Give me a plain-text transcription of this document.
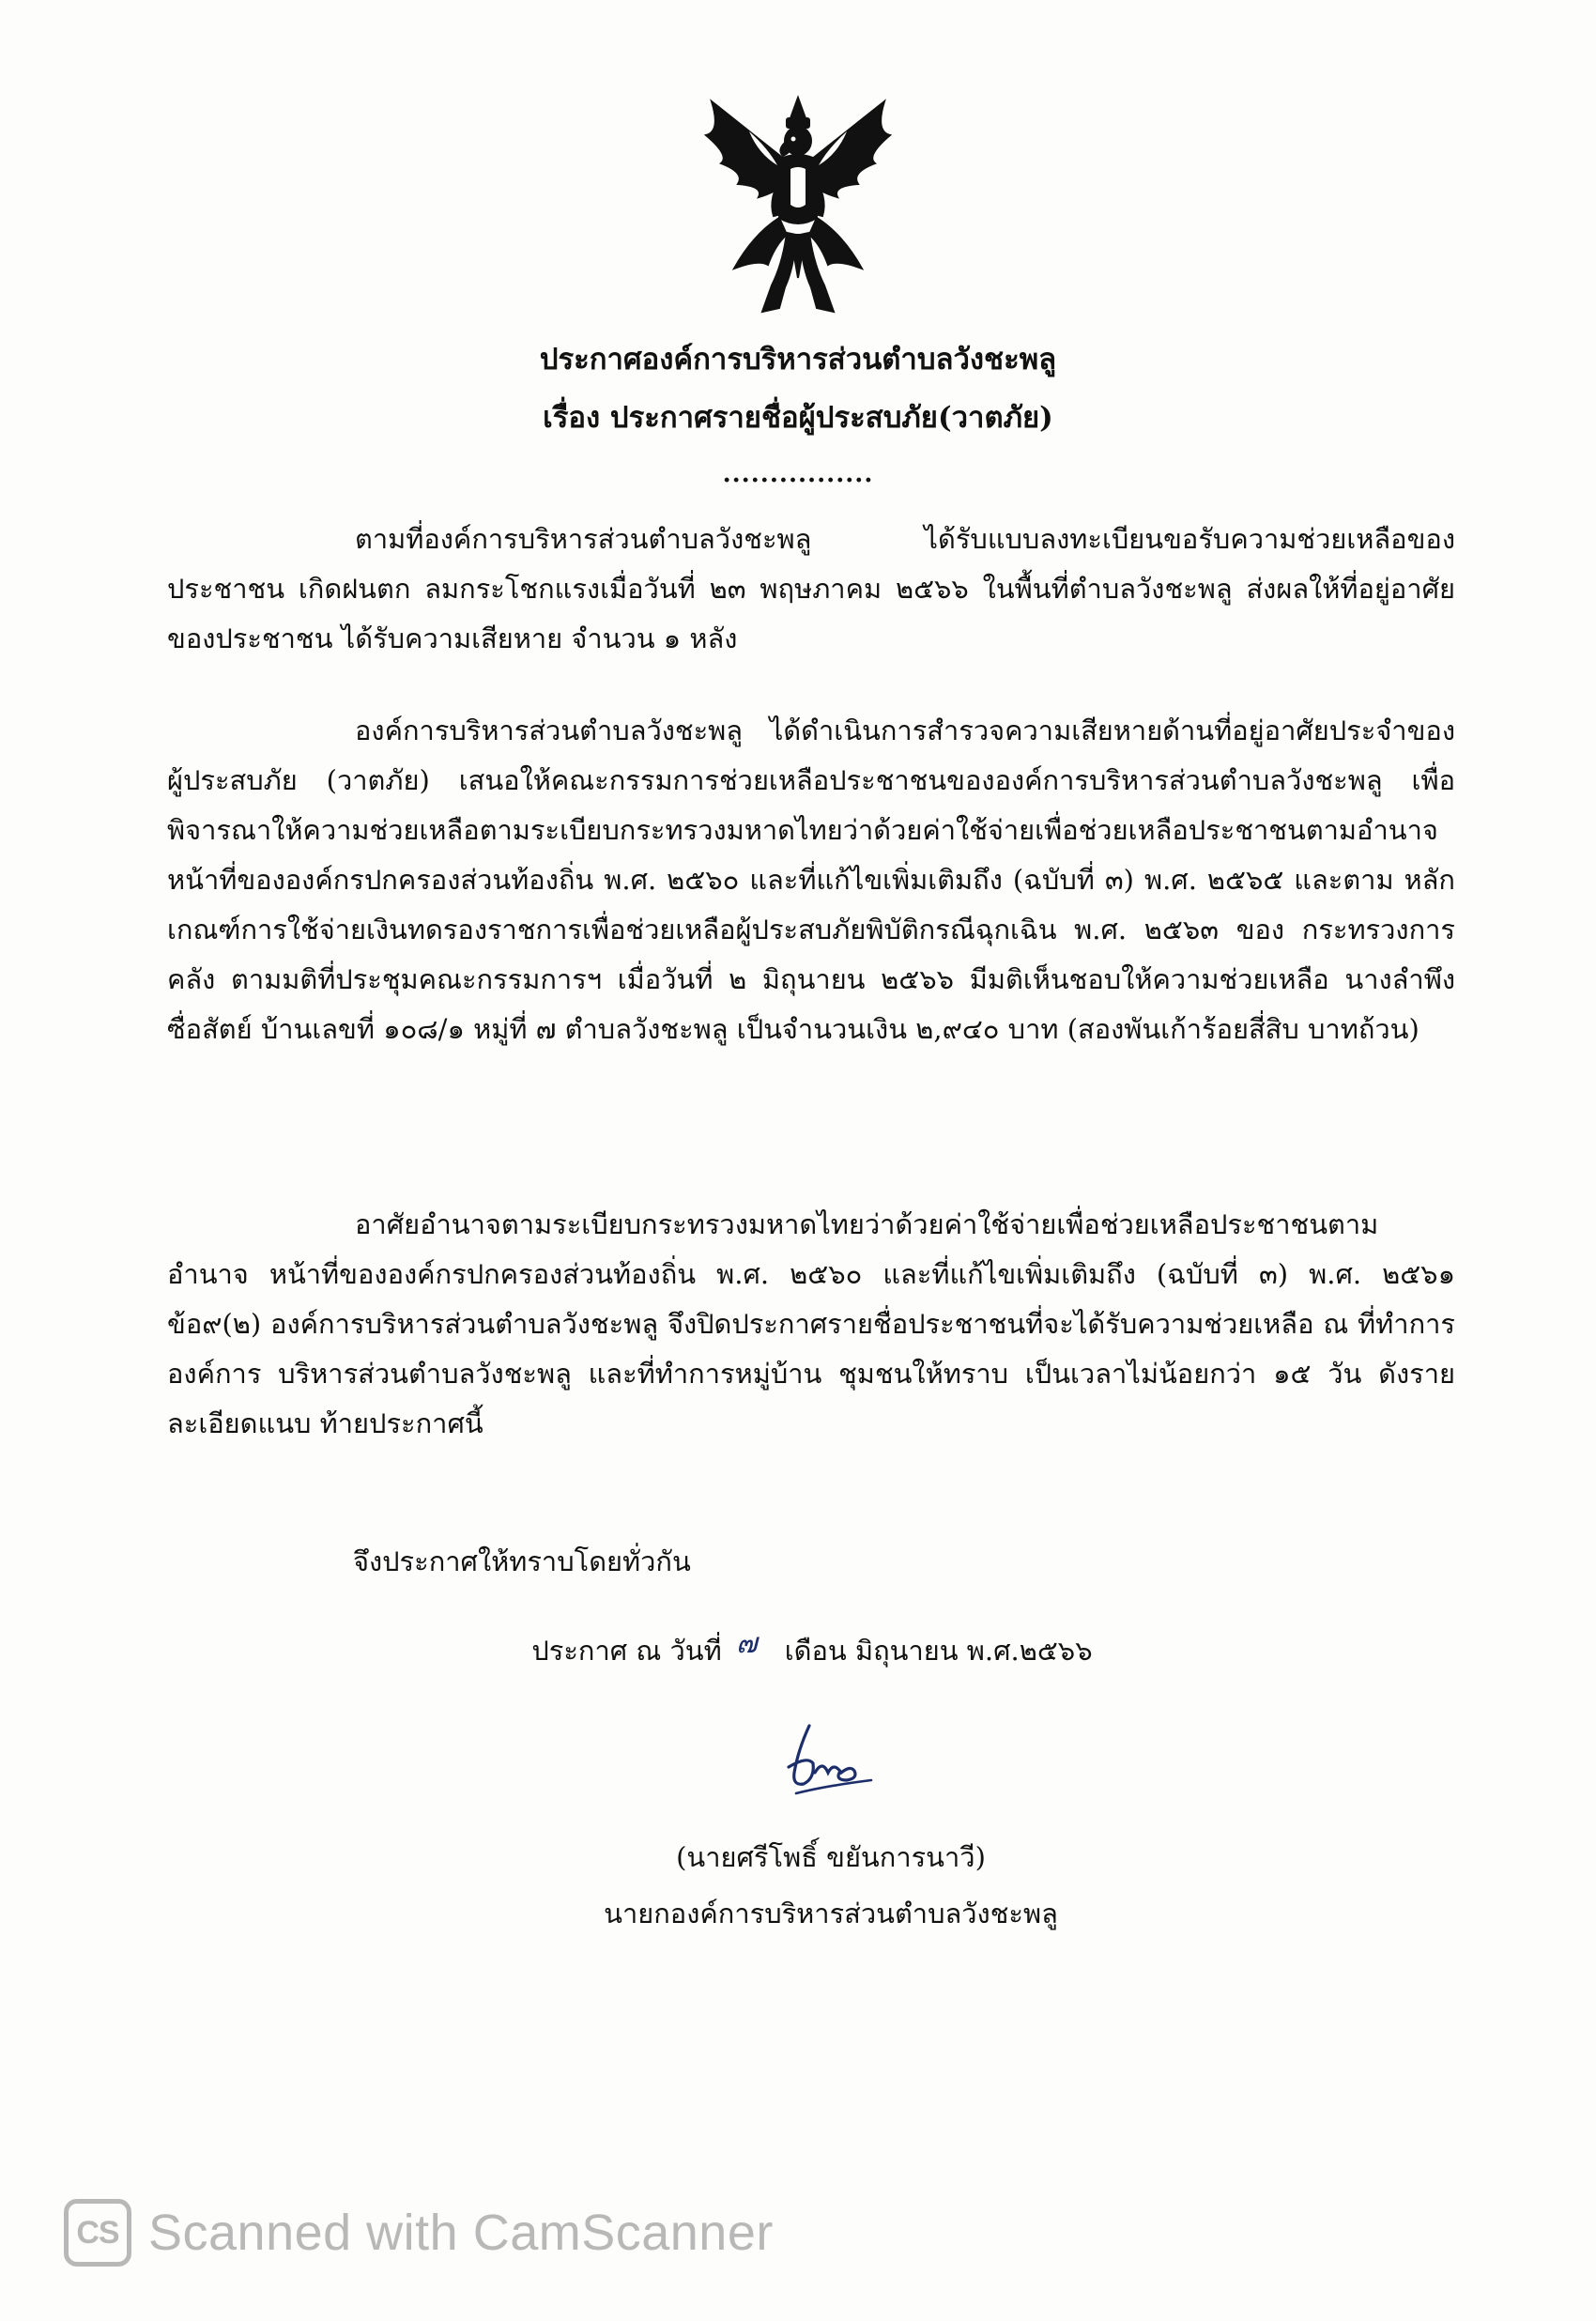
ประกาศองค์การบริหารส่วนตำบลวังชะพลู
เรื่อง ประกาศรายชื่อผู้ประสบภัย(วาตภัย)
................

ตามที่องค์การบริหารส่วนตำบลวังชะพลู ได้รับแบบลงทะเบียนขอรับความช่วยเหลือของประชาชน เกิดฝนตก ลมกระโชกแรงเมื่อวันที่ ๒๓ พฤษภาคม ๒๕๖๖ ในพื้นที่ตำบลวังชะพลู ส่งผลให้ที่อยู่อาศัยของประชาชน ได้รับความเสียหาย จำนวน ๑ หลัง

องค์การบริหารส่วนตำบลวังชะพลู ได้ดำเนินการสำรวจความเสียหายด้านที่อยู่อาศัยประจำของ ผู้ประสบภัย (วาตภัย) เสนอให้คณะกรรมการช่วยเหลือประชาชนขององค์การบริหารส่วนตำบลวังชะพลู เพื่อ พิจารณาให้ความช่วยเหลือตามระเบียบกระทรวงมหาดไทยว่าด้วยค่าใช้จ่ายเพื่อช่วยเหลือประชาชนตามอำนาจ หน้าที่ขององค์กรปกครองส่วนท้องถิ่น พ.ศ. ๒๕๖๐ และที่แก้ไขเพิ่มเติมถึง (ฉบับที่ ๓) พ.ศ. ๒๕๖๕ และตาม หลักเกณฑ์การใช้จ่ายเงินทดรองราชการเพื่อช่วยเหลือผู้ประสบภัยพิบัติกรณีฉุกเฉิน พ.ศ. ๒๕๖๓ ของ กระทรวงการคลัง ตามมติที่ประชุมคณะกรรมการฯ เมื่อวันที่ ๒ มิถุนายน ๒๕๖๖ มีมติเห็นชอบให้ความช่วยเหลือ นางลำพึง ซื่อสัตย์ บ้านเลขที่ ๑๐๘/๑ หมู่ที่ ๗ ตำบลวังชะพลู เป็นจำนวนเงิน ๒,๙๔๐ บาท (สองพันเก้าร้อยสี่สิบ บาทถ้วน)

อาศัยอำนาจตามระเบียบกระทรวงมหาดไทยว่าด้วยค่าใช้จ่ายเพื่อช่วยเหลือประชาชนตามอำนาจ หน้าที่ขององค์กรปกครองส่วนท้องถิ่น พ.ศ. ๒๕๖๐ และที่แก้ไขเพิ่มเติมถึง (ฉบับที่ ๓) พ.ศ. ๒๕๖๑ ข้อ๙(๒) องค์การบริหารส่วนตำบลวังชะพลู จึงปิดประกาศรายชื่อประชาชนที่จะได้รับความช่วยเหลือ ณ ที่ทำการองค์การ บริหารส่วนตำบลวังชะพลู และที่ทำการหมู่บ้าน ชุมชนให้ทราบ เป็นเวลาไม่น้อยกว่า ๑๕ วัน ดังรายละเอียดแนบ ท้ายประกาศนี้

จึงประกาศให้ทราบโดยทั่วกัน
ประกาศ ณ วันที่ ๗ เดือน มิถุนายน พ.ศ.๒๕๖๖
(นายศรีโพธิ์ ขยันการนาวี)
นายกองค์การบริหารส่วนตำบลวังชะพลู
CS Scanned with CamScanner
